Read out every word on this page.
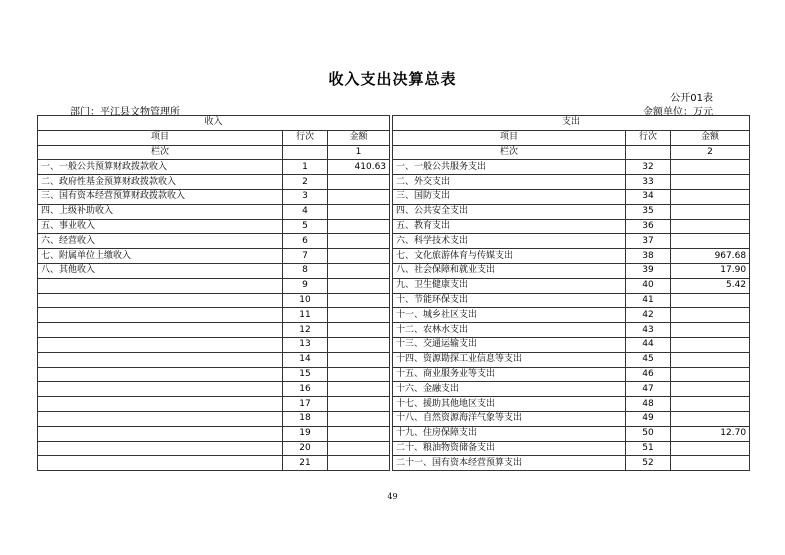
收入支出决算总表
公开01表
部门：平江县文物管理所	金额单位：万元
收入				支出		
项目	行次	金额		项目	行次	金额
栏次		1		栏次		2
一、一般公共预算财政拨款收入	1	410.63		一、一般公共服务支出	32	
二、政府性基金预算财政拨款收入	2			二、外交支出	33	
三、国有资本经营预算财政拨款收入	3			三、国防支出	34	
四、上级补助收入	4			四、公共安全支出	35	
五、事业收入	5			五、教育支出	36	
六、经营收入	6			六、科学技术支出	37	
七、附属单位上缴收入	7			七、文化旅游体育与传媒支出	38	967.68
八、其他收入	8			八、社会保障和就业支出	39	17.90
	9			九、卫生健康支出	40	5.42
	10			十、节能环保支出	41	
	11			十一、城乡社区支出	42	
	12			十二、农林水支出	43	
	13			十三、交通运输支出	44	
	14			十四、资源勘探工业信息等支出	45	
	15			十五、商业服务业等支出	46	
	16			十六、金融支出	47	
	17			十七、援助其他地区支出	48	
	18			十八、自然资源海洋气象等支出	49	
	19			十九、住房保障支出	50	12.70
	20			二十、粮油物资储备支出	51	
	21			二十一、国有资本经营预算支出	52	
49
